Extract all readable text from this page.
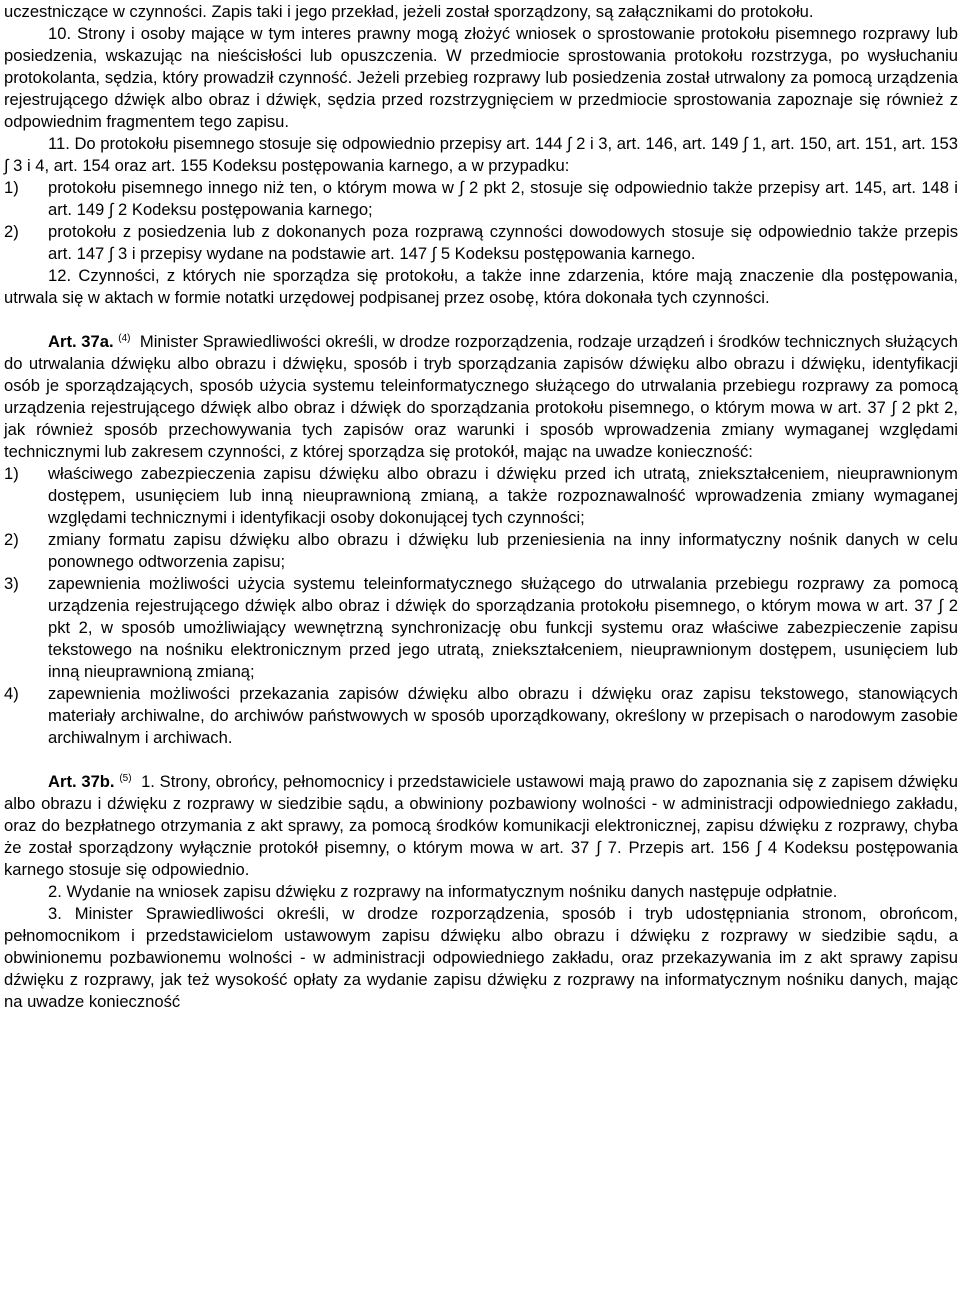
uczestniczące w czynności. Zapis taki i jego przekład, jeżeli został sporządzony, są załącznikami do protokołu.

10. Strony i osoby mające w tym interes prawny mogą złożyć wniosek o sprostowanie protokołu pisemnego rozprawy lub posiedzenia, wskazując na nieścisłości lub opuszczenia. W przedmiocie sprostowania protokołu rozstrzyga, po wysłuchaniu protokolanta, sędzia, który prowadził czynność. Jeżeli przebieg rozprawy lub posiedzenia został utrwalony za pomocą urządzenia rejestrującego dźwięk albo obraz i dźwięk, sędzia przed rozstrzygnięciem w przedmiocie sprostowania zapoznaje się również z odpowiednim fragmentem tego zapisu.

11. Do protokołu pisemnego stosuje się odpowiednio przepisy art. 144 ∫ 2 i 3, art. 146, art. 149 ∫ 1, art. 150, art. 151, art. 153 ∫ 3 i 4, art. 154 oraz art. 155 Kodeksu postępowania karnego, a w przypadku:

1)	protokołu pisemnego innego niż ten, o którym mowa w ∫ 2 pkt 2, stosuje się odpowiednio także przepisy art. 145, art. 148 i art. 149 ∫ 2 Kodeksu postępowania karnego;
2)	protokołu z posiedzenia lub z dokonanych poza rozprawą czynności dowodowych stosuje się odpowiednio także przepis art. 147 ∫ 3 i przepisy wydane na podstawie art. 147 ∫ 5 Kodeksu postępowania karnego.

12. Czynności, z których nie sporządza się protokołu, a także inne zdarzenia, które mają znaczenie dla postępowania, utrwala się w aktach w formie notatki urzędowej podpisanej przez osobę, która dokonała tych czynności.

Art. 37a. $^{(4)}$ Minister Sprawiedliwości określi, w drodze rozporządzenia, rodzaje urządzeń i środków technicznych służących do utrwalania dźwięku albo obrazu i dźwięku, sposób i tryb sporządzania zapisów dźwięku albo obrazu i dźwięku, identyfikacji osób je sporządzających, sposób użycia systemu teleinformatycznego służącego do utrwalania przebiegu rozprawy za pomocą urządzenia rejestrującego dźwięk albo obraz i dźwięk do sporządzania protokołu pisemnego, o którym mowa w art. 37 ∫ 2 pkt 2, jak również sposób przechowywania tych zapisów oraz warunki i sposób wprowadzenia zmiany wymaganej względami technicznymi lub zakresem czynności, z której sporządza się protokół, mając na uwadze konieczność:

1)	właściwego zabezpieczenia zapisu dźwięku albo obrazu i dźwięku przed ich utratą, zniekształceniem, nieuprawnionym dostępem, usunięciem lub inną nieuprawnioną zmianą, a także rozpoznawalność wprowadzenia zmiany wymaganej względami technicznymi i identyfikacji osoby dokonującej tych czynności;
2)	zmiany formatu zapisu dźwięku albo obrazu i dźwięku lub przeniesienia na inny informatyczny nośnik danych w celu ponownego odtworzenia zapisu;
3)	zapewnienia możliwości użycia systemu teleinformatycznego służącego do utrwalania przebiegu rozprawy za pomocą urządzenia rejestrującego dźwięk albo obraz i dźwięk do sporządzania protokołu pisemnego, o którym mowa w art. 37 ∫ 2 pkt 2, w sposób umożliwiający wewnętrzną synchronizację obu funkcji systemu oraz właściwe zabezpieczenie zapisu tekstowego na nośniku elektronicznym przed jego utratą, zniekształceniem, nieuprawnionym dostępem, usunięciem lub inną nieuprawnioną zmianą;
4)	zapewnienia możliwości przekazania zapisów dźwięku albo obrazu i dźwięku oraz zapisu tekstowego, stanowiących materiały archiwalne, do archiwów państwowych w sposób uporządkowany, określony w przepisach o narodowym zasobie archiwalnym i archiwach.

Art. 37b. $^{(5)}$ 1. Strony, obrońcy, pełnomocnicy i przedstawiciele ustawowi mają prawo do zapoznania się z zapisem dźwięku albo obrazu i dźwięku z rozprawy w siedzibie sądu, a obwiniony pozbawiony wolności - w administracji odpowiedniego zakładu, oraz do bezpłatnego otrzymania z akt sprawy, za pomocą środków komunikacji elektronicznej, zapisu dźwięku z rozprawy, chyba że został sporządzony wyłącznie protokół pisemny, o którym mowa w art. 37 ∫ 7. Przepis art. 156 ∫ 4 Kodeksu postępowania karnego stosuje się odpowiednio.

2. Wydanie na wniosek zapisu dźwięku z rozprawy na informatycznym nośniku danych następuje odpłatnie.

3. Minister Sprawiedliwości określi, w drodze rozporządzenia, sposób i tryb udostępniania stronom, obrońcom, pełnomocnikom i przedstawicielom ustawowym zapisu dźwięku albo obrazu i dźwięku z rozprawy w siedzibie sądu, a obwinionemu pozbawionemu wolności - w administracji odpowiedniego zakładu, oraz przekazywania im z akt sprawy zapisu dźwięku z rozprawy, jak też wysokość opłaty za wydanie zapisu dźwięku z rozprawy na informatycznym nośniku danych, mając na uwadze konieczność
